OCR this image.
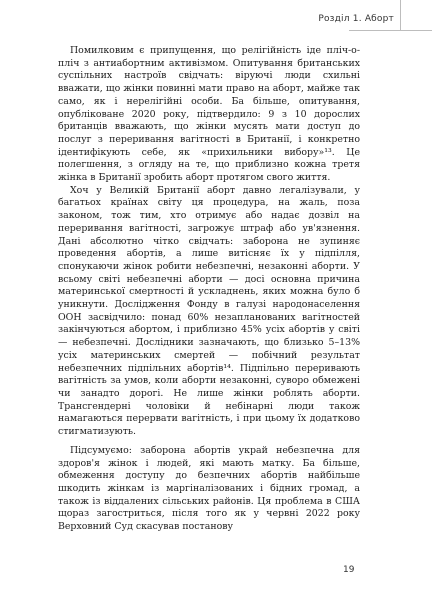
Розділ 1. Аборт

Помилковим є припущення, що релігійність іде пліч-о-пліч з антиабортним активізмом. Опитування британських суспільних настроїв свідчать: віруючі люди схильні вважати, що жінки повинні мати право на аборт, майже так само, як і нерелігійні особи. Ба більше, опитування, опубліковане 2020 року, підтвердило: 9 з 10 дорослих британців вважають, що жінки мусять мати доступ до послуг з переривання вагітності в Британії, і конкретно ідентифікують себе, як «прихильники вибору»¹³. Це полегшення, з огляду на те, що приблизно кожна третя жінка в Британії зробить аборт протягом свого життя.

Хоч у Великій Британії аборт давно легалізували, у багатьох країнах світу ця процедура, на жаль, поза законом, тож тим, хто отримує або надає дозвіл на переривання вагітності, загрожує штраф або ув'язнення. Дані абсолютно чітко свідчать: заборона не зупиняє проведення абортів, а лише витісняє їх у підпілля, спонукаючи жінок робити небезпечні, незаконні аборти. У всьому світі небезпечні аборти — досі основна причина материнської смертності й ускладнень, яких можна було б уникнути. Дослідження Фонду в галузі народонаселення ООН засвідчило: понад 60% незапланованих вагітностей закінчуються абортом, і приблизно 45% усіх абортів у світі — небезпечні. Дослідники зазначають, що близько 5–13% усіх материнських смертей — побічний результат небезпечних підпільних абортів¹⁴. Підпільно переривають вагітність за умов, коли аборти незаконні, суворо обмежені чи занадто дорогі. Не лише жінки роблять аборти. Трансгендерні чоловіки й небінарні люди також намагаються перервати вагітність, і при цьому їх додатково стигматизують.

Підсумуємо: заборона абортів украй небезпечна для здоров'я жінок і людей, які мають матку. Ба більше, обмеження доступу до безпечних абортів найбільше шкодить жінкам із маргіналізованих і бідних громад, а також із віддалених сільських районів. Ця проблема в США щораз загостриться, після того як у червні 2022 року Верховний Суд скасував постанову

19
